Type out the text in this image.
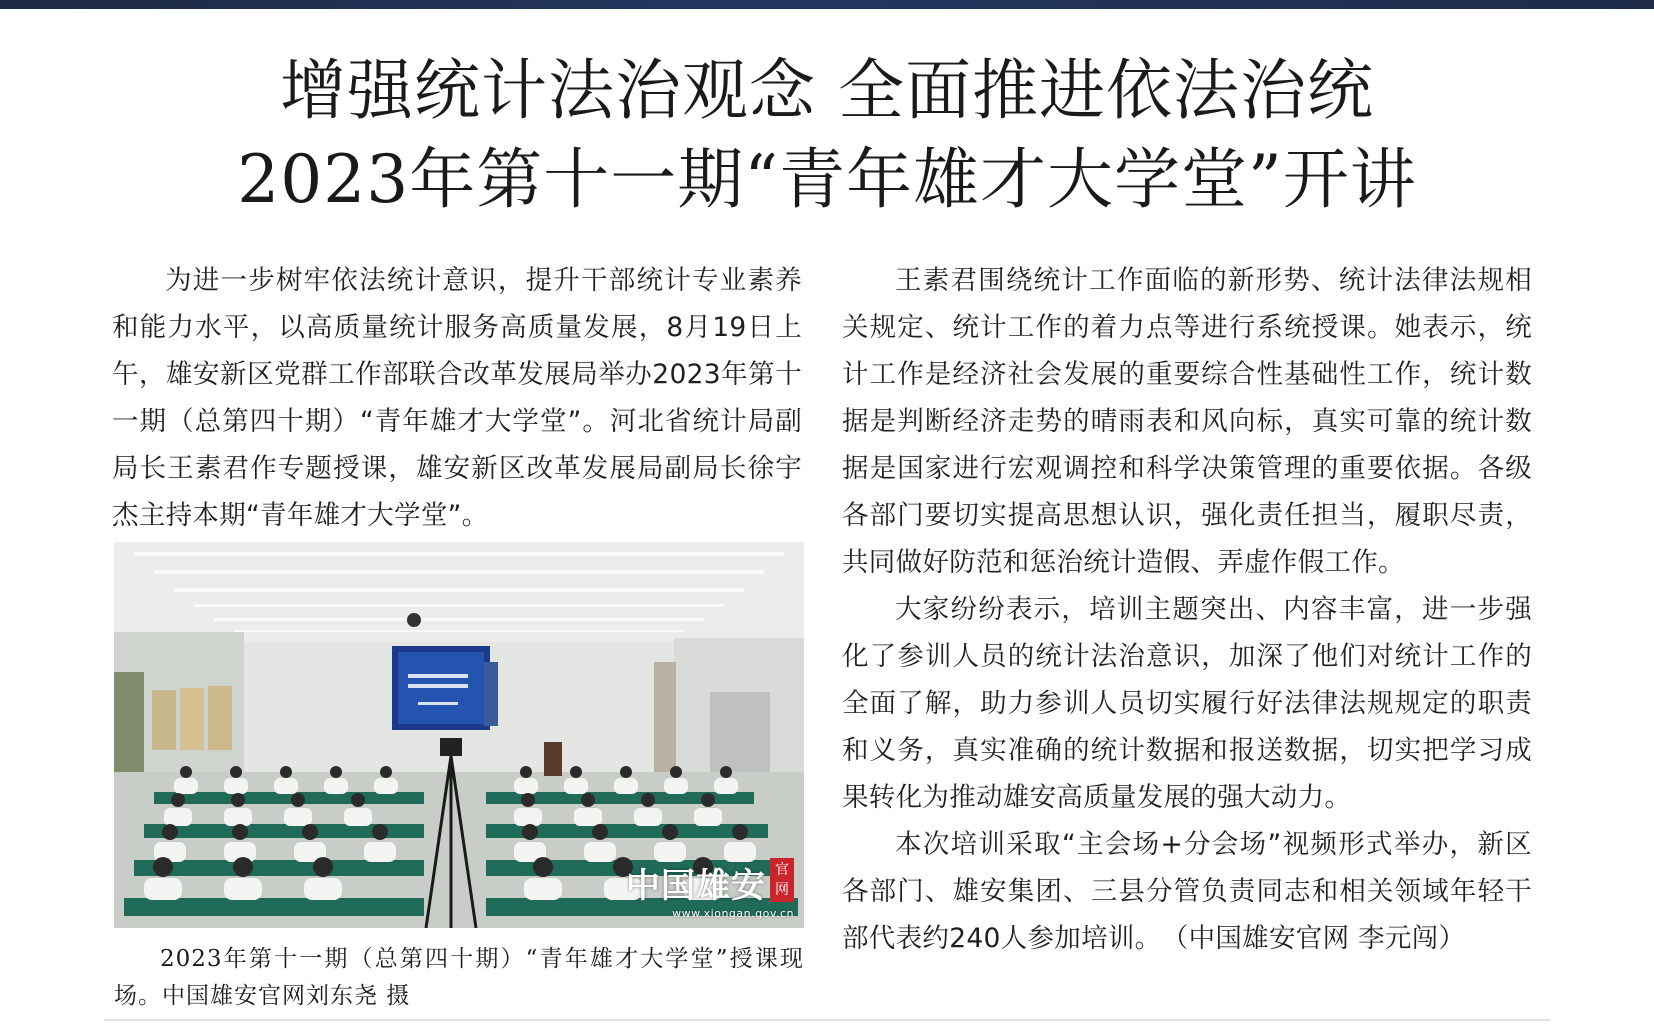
增强统计法治观念 全面推进依法治统
2023年第十一期“青年雄才大学堂”开讲

为进一步树牢依法统计意识，提升干部统计专业素养和能力水平，以高质量统计服务高质量发展，8月19日上午，雄安新区党群工作部联合改革发展局举办2023年第十一期（总第四十期）“青年雄才大学堂”。河北省统计局副局长王素君作专题授课，雄安新区改革发展局副局长徐宇杰主持本期“青年雄才大学堂”。

中国雄安 官网
www.xiongan.gov.cn
2023年第十一期（总第四十期）“青年雄才大学堂”授课现场。中国雄安官网刘东尧 摄

王素君围绕统计工作面临的新形势、统计法律法规相关规定、统计工作的着力点等进行系统授课。她表示，统计工作是经济社会发展的重要综合性基础性工作，统计数据是判断经济走势的晴雨表和风向标，真实可靠的统计数据是国家进行宏观调控和科学决策管理的重要依据。各级各部门要切实提高思想认识，强化责任担当，履职尽责，共同做好防范和惩治统计造假、弄虚作假工作。

大家纷纷表示，培训主题突出、内容丰富，进一步强化了参训人员的统计法治意识，加深了他们对统计工作的全面了解，助力参训人员切实履行好法律法规规定的职责和义务，真实准确的统计数据和报送数据，切实把学习成果转化为推动雄安高质量发展的强大动力。

本次培训采取“主会场+分会场”视频形式举办，新区各部门、雄安集团、三县分管负责同志和相关领域年轻干部代表约240人参加培训。　（中国雄安官网 李元闯）
